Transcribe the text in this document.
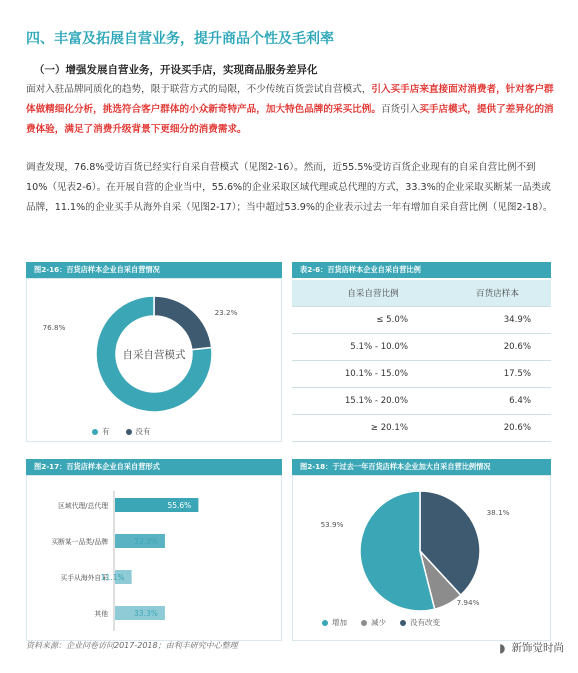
四、丰富及拓展自营业务，提升商品个性及毛利率
（一）增强发展自营业务，开设买手店，实现商品服务差异化
面对入驻品牌同质化的趋势，限于联营方式的局限，不少传统百货尝试自营模式，引入买手店来直接面对消费者，针对客户群体做精细化分析，挑选符合客户群体的小众新奇特产品，加大特色品牌的采买比例。百货引入买手店模式，提供了差异化的消费体验，满足了消费升级背景下更细分的消费需求。
调查发现，76.8%受访百货已经实行自采自营模式（见图2-16）。然而，近55.5%受访百货企业现有的自采自营比例不到10%（见表2-6）。在开展自营的企业当中，55.6%的企业采取区域代理或总代理的方式，33.3%的企业采取买断某一品类或品牌，11.1%的企业买手从海外自采（见图2-17）；当中超过53.9%的企业表示过去一年有增加自采自营比例（见图2-18）。
图2-16：百货店样本企业自采自营情况
自采自营模式
76.8%
23.2%
有	没有
表2-6：百货店样本企业自采自营比例
自采自营比例	百货店样本
≤ 5.0%	34.9%
5.1% - 10.0%	20.6%
10.1% - 15.0%	17.5%
15.1% - 20.0%	6.4%
≥ 20.1%	20.6%
图2-17：百货店样本企业自采自营形式
区域代理/总代理	55.6%
买断某一品类/品牌	33.3%
买手从海外自采
11.1%
其他	33.3%
图2-18：于过去一年百货店样本企业加大自采自营比例情况
53.9%
7.94%
38.1%
增加	减少	没有改变
资料来源：企业问卷访问2017-2018；由利丰研究中心整理	◗ 新饰觉时尚
